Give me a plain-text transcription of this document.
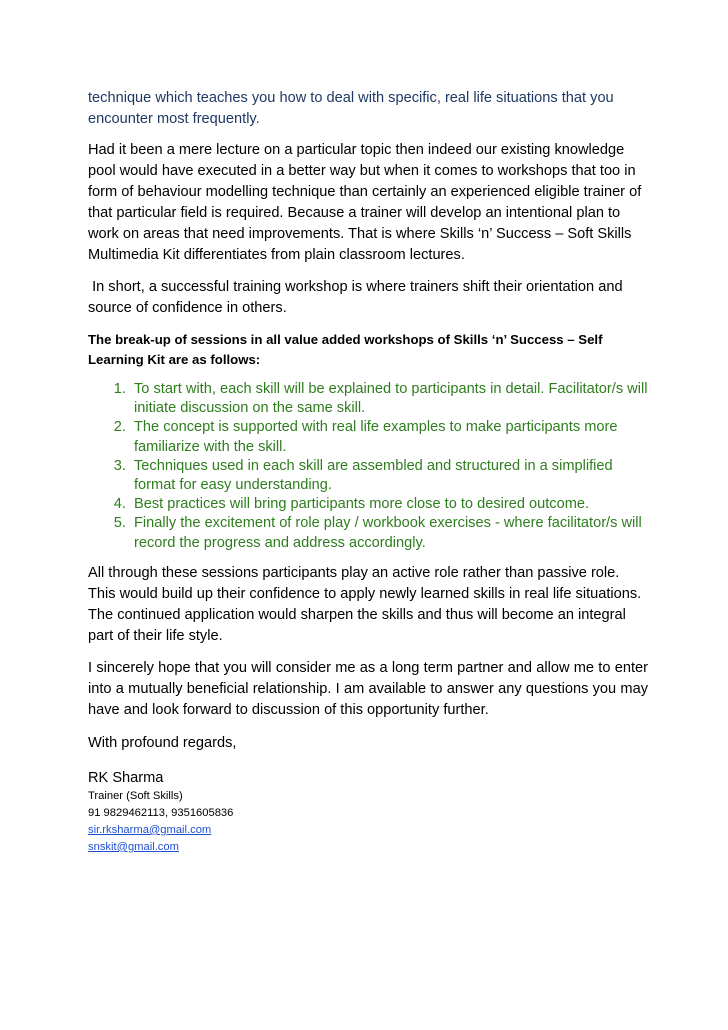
technique which teaches you how to deal with specific, real life situations that you encounter most frequently.

Had it been a mere lecture on a particular topic then indeed our existing knowledge pool would have executed in a better way but when it comes to workshops that too in form of behaviour modelling technique than certainly an experienced eligible trainer of that particular field is required. Because a trainer will develop an intentional plan to work on areas that need improvements. That is where Skills ‘n’ Success – Soft Skills Multimedia Kit differentiates from plain classroom lectures.

In short, a successful training workshop is where trainers shift their orientation and source of confidence in others.

The break-up of sessions in all value added workshops of Skills ‘n’ Success – Self Learning Kit are as follows:

1. To start with, each skill will be explained to participants in detail. Facilitator/s will initiate discussion on the same skill.
2. The concept is supported with real life examples to make participants more familiarize with the skill.
3. Techniques used in each skill are assembled and structured in a simplified format for easy understanding.
4. Best practices will bring participants more close to to desired outcome.
5. Finally the excitement of role play / workbook exercises - where facilitator/s will record the progress and address accordingly.

All through these sessions participants play an active role rather than passive role. This would build up their confidence to apply newly learned skills in real life situations. The continued application would sharpen the skills and thus will become an integral part of their life style.

I sincerely hope that you will consider me as a long term partner and allow me to enter into a mutually beneficial relationship. I am available to answer any questions you may have and look forward to discussion of this opportunity further.

With profound regards,

RK Sharma
Trainer (Soft Skills)
91 9829462113, 9351605836
sir.rksharma@gmail.com
snskit@gmail.com
